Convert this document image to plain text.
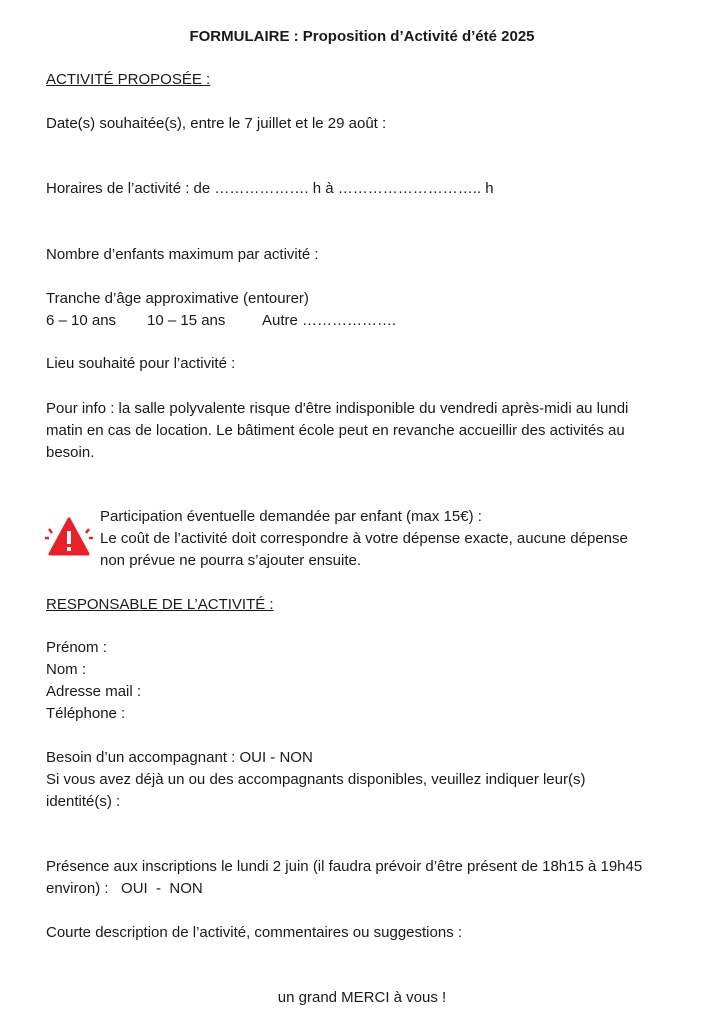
FORMULAIRE : Proposition d’Activité d’été 2025
ACTIVITÉ PROPOSÉE :
Date(s) souhaitée(s), entre le 7 juillet et le 29 août :
Horaires de l’activité : de ………………. h à ……………………….. h
Nombre d’enfants maximum par activité :
Tranche d’âge approximative (entourer)
6 – 10 ans 10 – 15 ans Autre ……………….
Lieu souhaité pour l’activité :
Pour info : la salle polyvalente risque d'être indisponible du vendredi après-midi au lundi
matin en cas de location. Le bâtiment école peut en revanche accueillir des activités au
besoin.
Participation éventuelle demandée par enfant (max 15€) :
Le coût de l’activité doit correspondre à votre dépense exacte, aucune dépense
non prévue ne pourra s’ajouter ensuite.
RESPONSABLE DE L’ACTIVITÉ :
Prénom :
Nom :
Adresse mail :
Téléphone :
Besoin d’un accompagnant : OUI - NON
Si vous avez déjà un ou des accompagnants disponibles, veuillez indiquer leur(s)
identité(s) :
Présence aux inscriptions le lundi 2 juin (il faudra prévoir d’être présent de 18h15 à 19h45
environ) :   OUI  -  NON
Courte description de l’activité, commentaires ou suggestions :
un grand MERCI à vous !
